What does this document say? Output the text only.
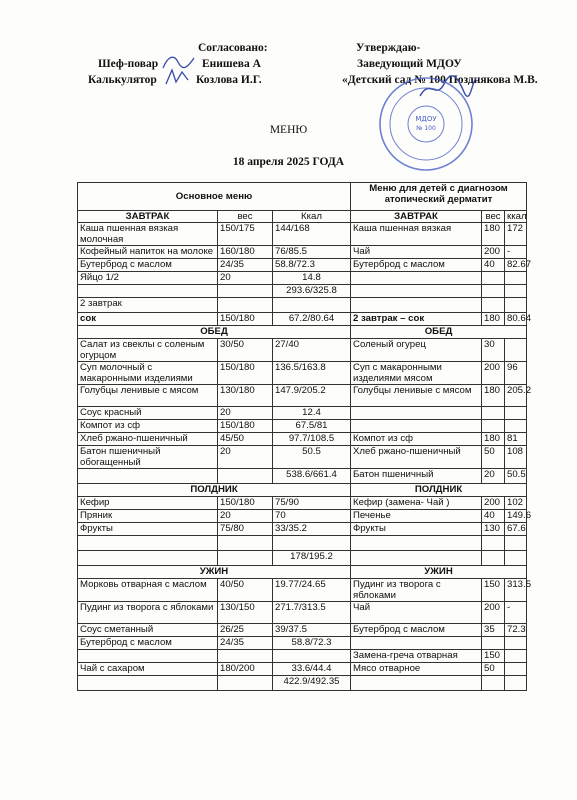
Согласовано:
Шеф-повар	Енишева А
Калькулятор	Козлова И.Г.
Утверждаю-
Заведующий МДОУ
«Детский сад № 100 Позднякова М.В.
МДОУ
№ 100
МЕНЮ
18 апреля 2025 ГОДА
Основное меню			Меню для детей с диагнозом
атопический дерматит		
ЗАВТРАК	вес	Ккал	ЗАВТРАК	вес	ккал
Каша пшенная вязкая молочная	150/175	144/168	Каша пшенная вязкая	180	172
Кофейный напиток на молоке	160/180	76/85.5	Чай	200	-
Бутерброд с маслом	24/35	58.8/72.3	Бутерброд с маслом	40	82.67
Яйцо 1/2	20	14.8			
		293.6/325.8			
2 завтрак					
сок	150/180	67.2/80.64	2 завтрак – сок	180	80.64
ОБЕД			ОБЕД		
Салат из свеклы с соленым огурцом	30/50	27/40	Соленый огурец	30	
Суп молочный с макаронными изделиями	150/180	136.5/163.8	Суп с макаронными изделиями мясом	200	96
Голубцы ленивые с мясом	130/180	147.9/205.2	Голубцы ленивые с мясом	180	205.2
Соус красный	20	12.4			
Компот из сф	150/180	67.5/81			
Хлеб ржано-пшеничный	45/50	97.7/108.5	Компот из сф	180	81
Батон пшеничный обогащенный	20	50.5	Хлеб ржано-пшеничный	50	108
		538.6/661.4	Батон пшеничный	20	50.5
ПОЛДНИК			ПОЛДНИК		
Кефир	150/180	75/90	Кефир (замена- Чай )	200	102
Пряник	20	70	Печенье	40	149.6
Фрукты	75/80	33/35.2	Фрукты	130	67.6

		178/195.2			
УЖИН			УЖИН		
Морковь отварная с маслом	40/50	19.77/24.65	Пудинг из творога с яблоками	150	313.5
Пудинг из творога с яблоками	130/150	271.7/313.5	Чай	200	-
Соус сметанный	26/25	39/37.5	Бутерброд с маслом	35	72.3
Бутерброд с маслом	24/35	58.8/72.3			
			Замена-греча отварная	150	
Чай с сахаром	180/200	33.6/44.4	Мясо отварное	50	
		422.9/492.35			
